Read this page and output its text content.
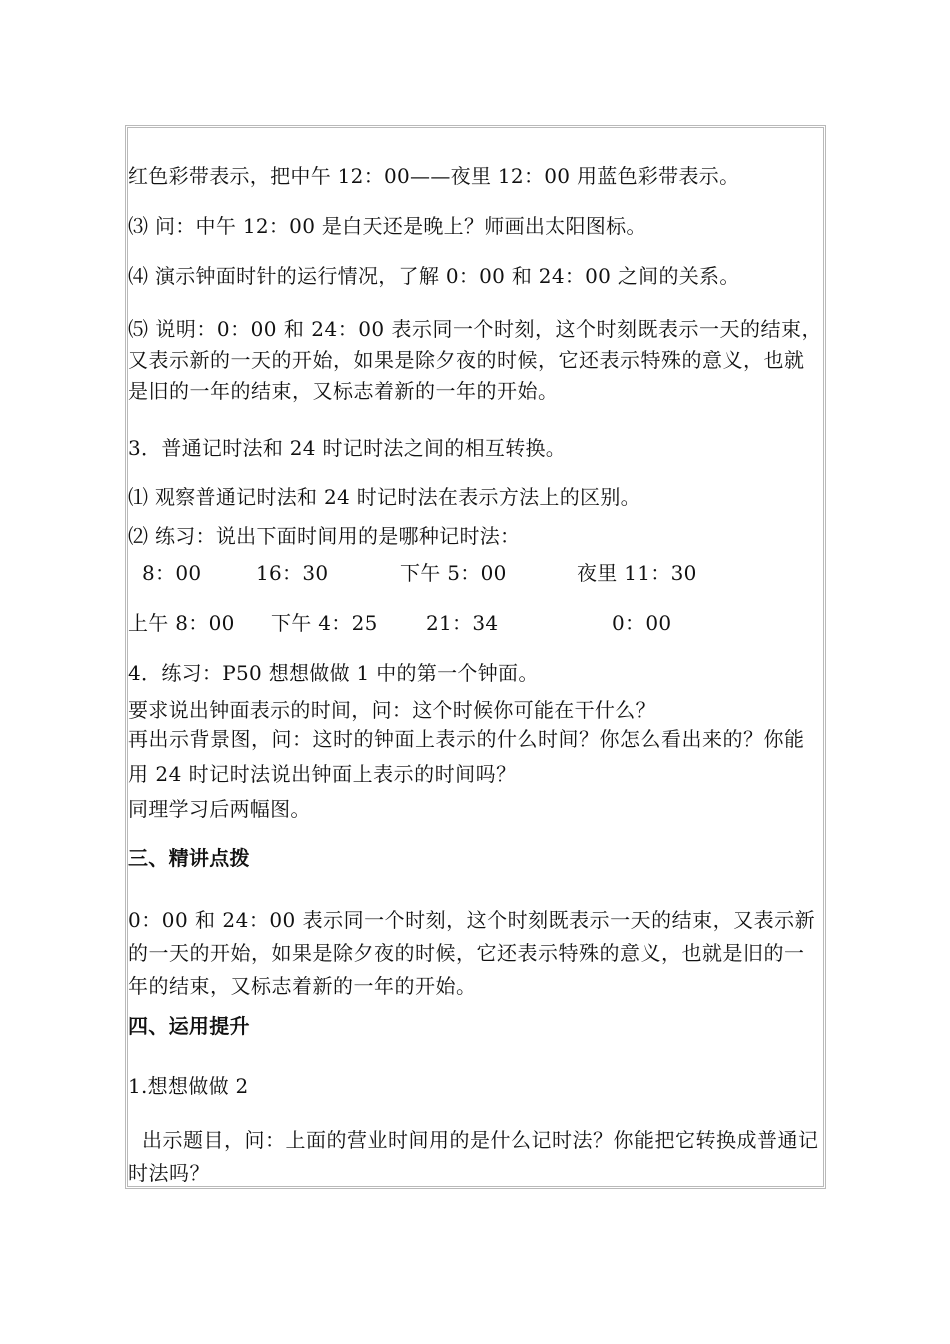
红色彩带表示，把中午 12：00——夜里 12：00 用蓝色彩带表示。
⑶ 问：中午 12：00 是白天还是晚上？师画出太阳图标。
⑷ 演示钟面时针的运行情况，了解 0：00 和 24：00 之间的关系。
⑸ 说明：0：00 和 24：00 表示同一个时刻，这个时刻既表示一天的结束，又表示新的一天的开始，如果是除夕夜的时候，它还表示特殊的意义，也就是旧的一年的结束，又标志着新的一年的开始。
3．普通记时法和 24 时记时法之间的相互转换。
⑴ 观察普通记时法和 24 时记时法在表示方法上的区别。
⑵ 练习：说出下面时间用的是哪种记时法：
8：00	16：30	下午 5：00	夜里 11：30
上午 8：00 下午 4：25 21：34	0：00
4．练习：P50 想想做做 1 中的第一个钟面。
要求说出钟面表示的时间，问：这个时候你可能在干什么？
再出示背景图，问：这时的钟面上表示的什么时间？你怎么看出来的？你能用 24 时记时法说出钟面上表示的时间吗？
同理学习后两幅图。
三、精讲点拨
0：00 和 24：00 表示同一个时刻，这个时刻既表示一天的结束，又表示新的一天的开始，如果是除夕夜的时候，它还表示特殊的意义，也就是旧的一年的结束，又标志着新的一年的开始。
四、运用提升
1.想想做做 2
出示题目，问：上面的营业时间用的是什么记时法？你能把它转换成普通记时法吗？
